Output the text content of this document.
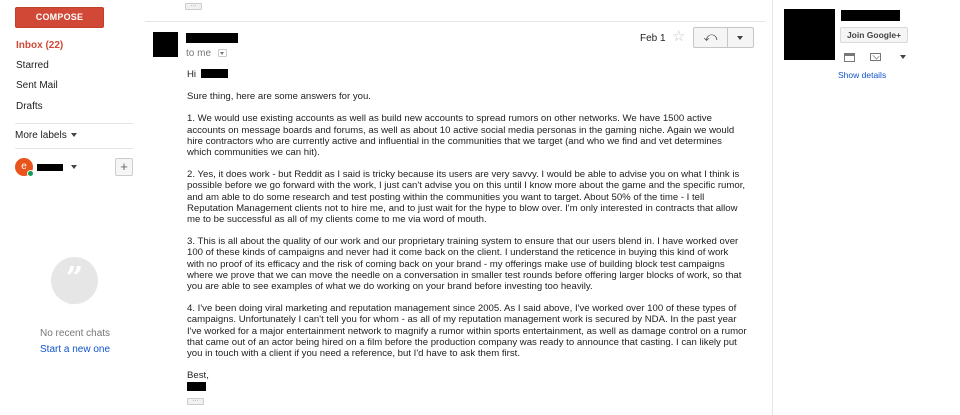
COMPOSE
Inbox (22)
Starred
Sent Mail
Drafts
More labels
e	+
”
No recent chats
Start a new one
···
to me
Feb 1 ☆	⤺

Hi

Sure thing, here are some answers for you.

1. We would use existing accounts as well as build new accounts to spread rumors on other networks. We have 1500 active accounts on message boards and forums, as well as about 10 active social media personas in the gaming niche. Again we would hire contractors who are currently active and influential in the communities that we target (and who we find and vet determines which communities we can hit).

2. Yes, it does work - but Reddit as I said is tricky because its users are very savvy. I would be able to advise you on what I think is possible before we go forward with the work, I just can't advise you on this until I know more about the game and the specific rumor, and am able to do some research and test posting within the communities you want to target. About 50% of the time - I tell Reputation Management clients not to hire me, and to just wait for the hype to blow over. I'm only interested in contracts that allow me to be successful as all of my clients come to me via word of mouth.

3. This is all about the quality of our work and our proprietary training system to ensure that our users blend in. I have worked over 100 of these kinds of campaigns and never had it come back on the client. I understand the reticence in buying this kind of work with no proof of its efficacy and the risk of coming back on your brand - my offerings make use of building block test campaigns where we prove that we can move the needle on a conversation in smaller test rounds before offering larger blocks of work, so that you are able to see examples of what we do working on your brand before investing too heavily.

4. I've been doing viral marketing and reputation management since 2005. As I said above, I've worked over 100 of these types of campaigns. Unfortunately I can't tell you for whom - as all of my reputation management work is secured by NDA. In the past year I've worked for a major entertainment network to magnify a rumor within sports entertainment, as well as damage control on a rumor that came out of an actor being hired on a film before the production company was ready to announce that casting. I can likely put you in touch with a client if you need a reference, but I'd have to ask them first.

Best,
···
Join Google+
Show details
